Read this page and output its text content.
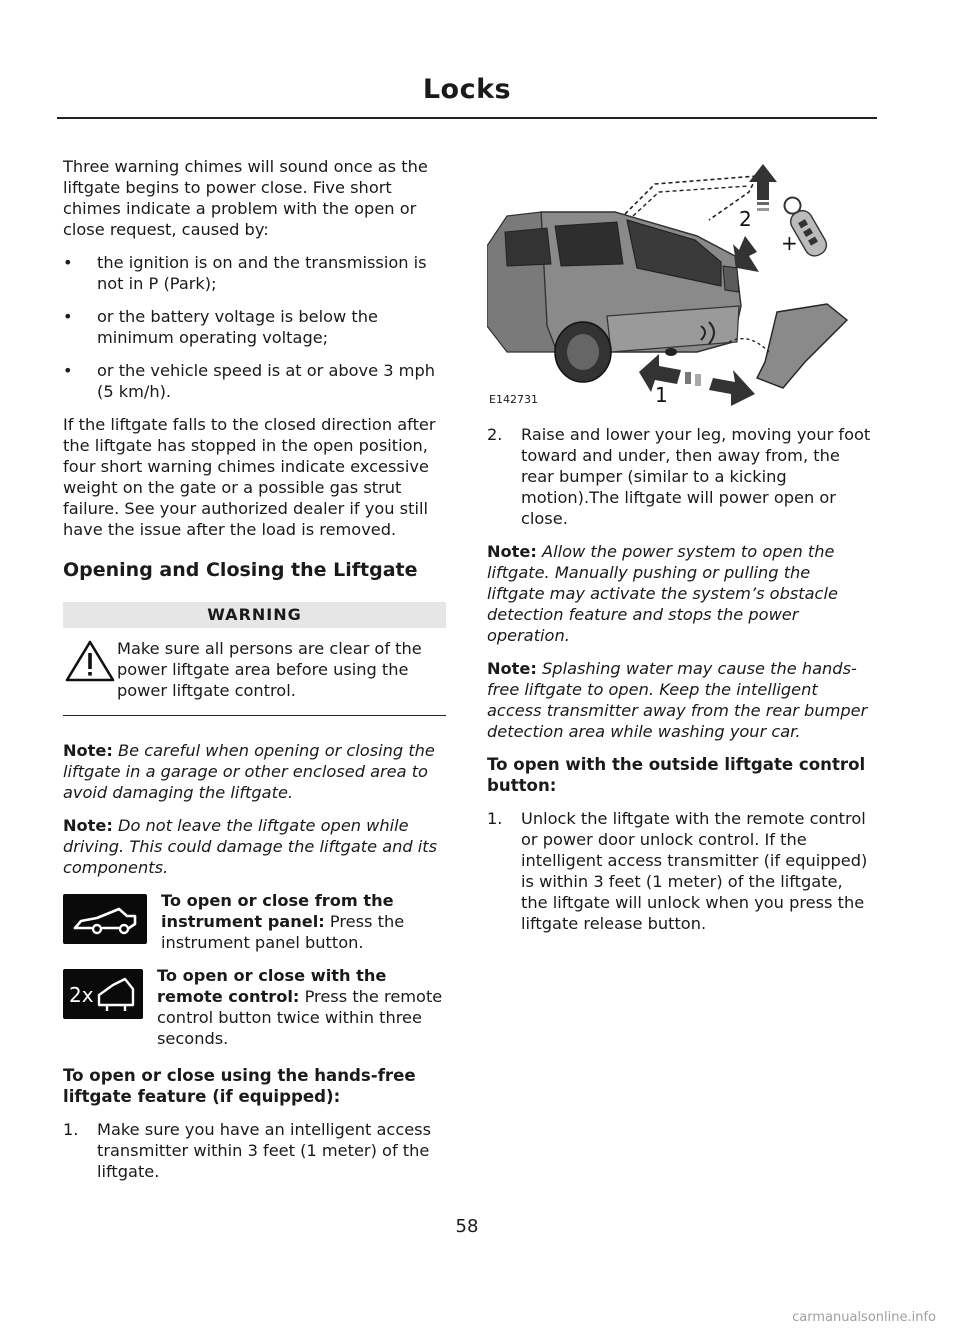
Locks

Three warning chimes will sound once as the liftgate begins to power close. Five short chimes indicate a problem with the open or close request, caused by:

• the ignition is on and the transmission is not in P (Park);
• or the battery voltage is below the minimum operating voltage;
• or the vehicle speed is at or above 3 mph (5 km/h).

If the liftgate falls to the closed direction after the liftgate has stopped in the open position, four short warning chimes indicate excessive weight on the gate or a possible gas strut failure. See your authorized dealer if you still have the issue after the load is removed.

Opening and Closing the Liftgate
WARNING
Make sure all persons are clear of the power liftgate area before using the power liftgate control.

Note: Be careful when opening or closing the liftgate in a garage or other enclosed area to avoid damaging the liftgate.

Note: Do not leave the liftgate open while driving. This could damage the liftgate and its components.

To open or close from the instrument panel: Press the instrument panel button.
2x
To open or close with the remote control: Press the remote control button twice within three seconds.

To open or close using the hands-free liftgate feature (if equipped):

1. Make sure you have an intelligent access transmitter within 3 feet (1 meter) of the liftgate.
2
+
1
E142731
2. Raise and lower your leg, moving your foot toward and under, then away from, the rear bumper (similar to a kicking motion).The liftgate will power open or close.

Note: Allow the power system to open the liftgate. Manually pushing or pulling the liftgate may activate the system’s obstacle detection feature and stops the power operation.

Note: Splashing water may cause the hands-free liftgate to open. Keep the intelligent access transmitter away from the rear bumper detection area while washing your car.

To open with the outside liftgate control button:

1. Unlock the liftgate with the remote control or power door unlock control. If the intelligent access transmitter (if equipped) is within 3 feet (1 meter) of the liftgate, the liftgate will unlock when you press the liftgate release button.
58
carmanualsonline.info
